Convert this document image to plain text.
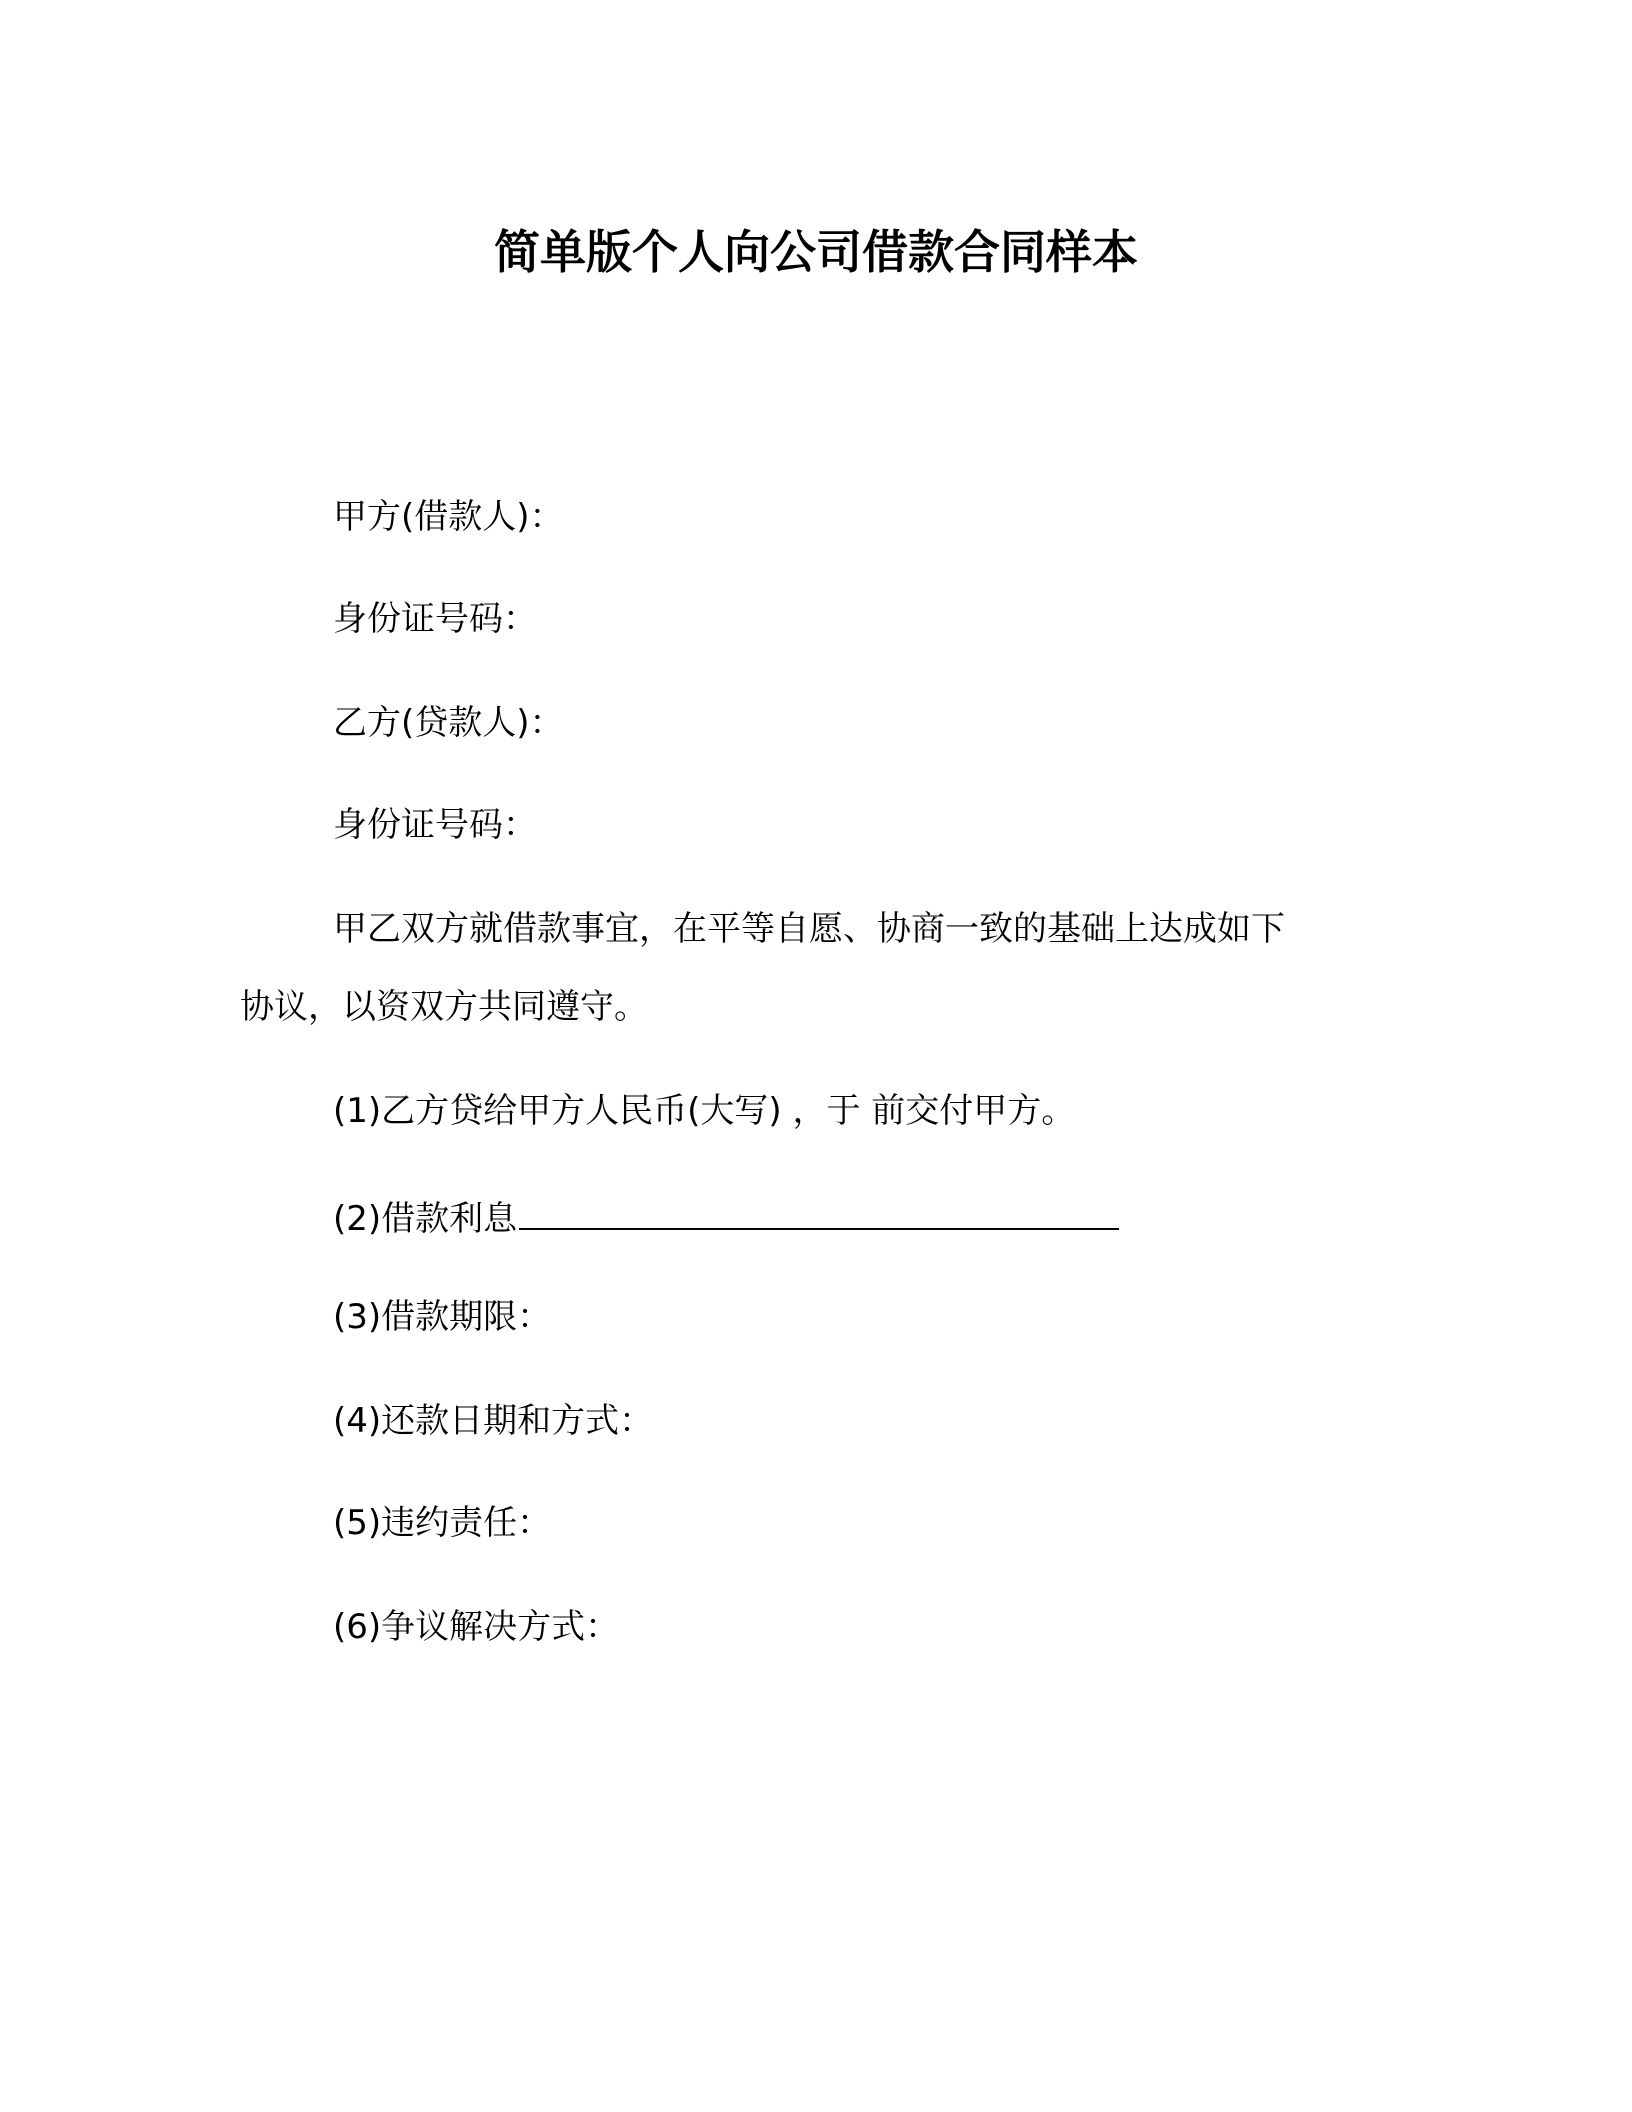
简单版个人向公司借款合同样本
甲方(借款人)：
身份证号码：
乙方(贷款人)：
身份证号码：
甲乙双方就借款事宜，在平等自愿、协商一致的基础上达成如下
协议，以资双方共同遵守。
(1)乙方贷给甲方人民币(大写) ，于 前交付甲方。
(2)借款利息
(3)借款期限：
(4)还款日期和方式：
(5)违约责任：
(6)争议解决方式：
